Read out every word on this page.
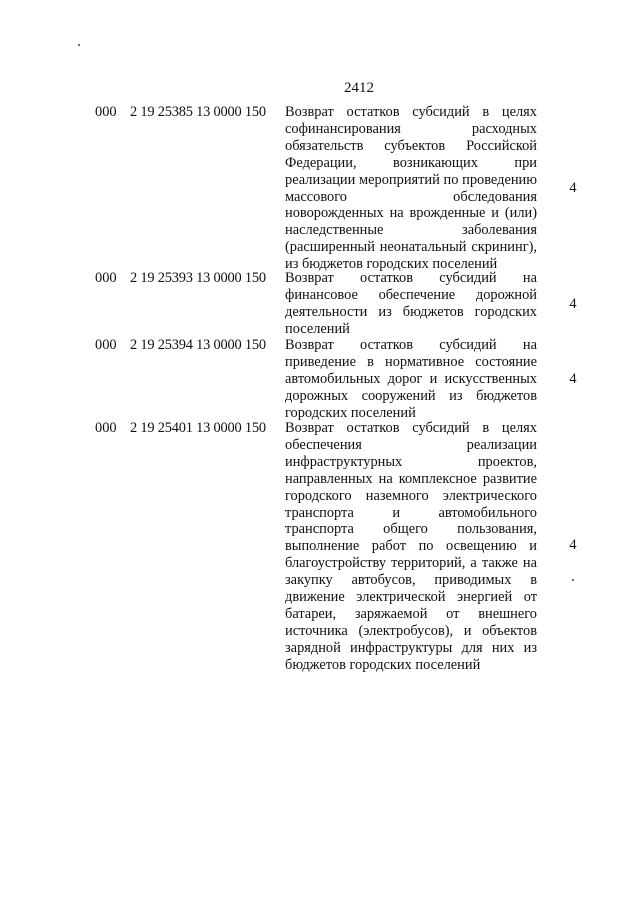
2412
000 2 19 25385 13 0000 150	Возврат остатков субсидий в целях
софинансирования расходных
обязательств субъектов Российской
Федерации, возникающих при
реализации мероприятий по проведению
массового обследования
новорожденных на врожденные и (или)
наследственные заболевания
(расширенный неонатальный скрининг),
из бюджетов городских поселений
4
000 2 19 25393 13 0000 150	Возврат остатков субсидий на
финансовое обеспечение дорожной
деятельности из бюджетов городских
поселений
4
000 2 19 25394 13 0000 150	Возврат остатков субсидий на
приведение в нормативное состояние
автомобильных дорог и искусственных
дорожных сооружений из бюджетов
городских поселений
4
000 2 19 25401 13 0000 150	Возврат остатков субсидий в целях
обеспечения реализации
инфраструктурных проектов,
направленных на комплексное развитие
городского наземного электрического
транспорта и автомобильного
транспорта общего пользования,
выполнение работ по освещению и
благоустройству территорий, а также на
закупку автобусов, приводимых в
движение электрической энергией от
батареи, заряжаемой от внешнего
источника (электробусов), и объектов
зарядной инфраструктуры для них из
бюджетов городских поселений
4
